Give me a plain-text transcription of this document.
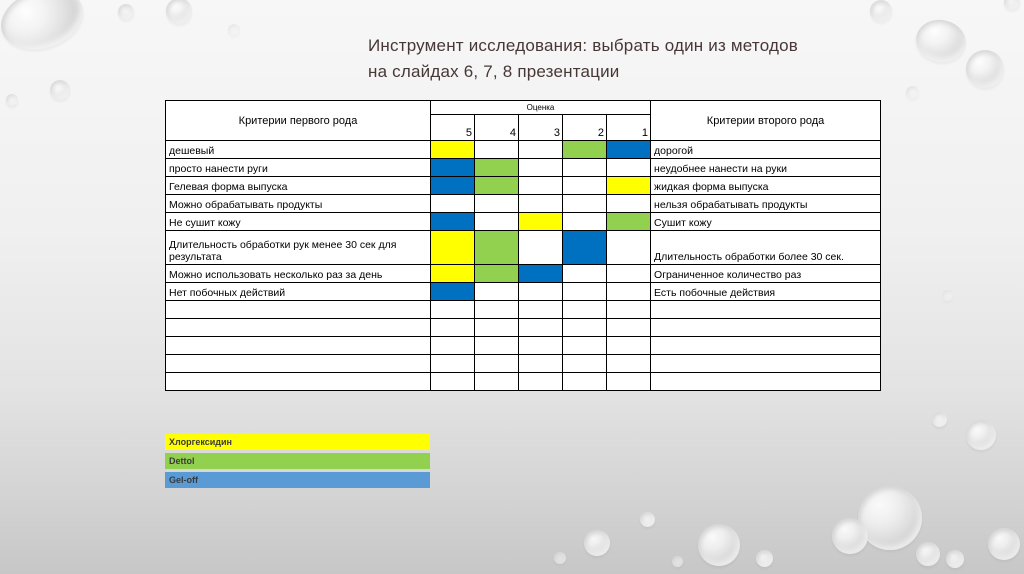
Инструмент исследования: выбрать один из методов
на слайдах 6, 7, 8 презентации
Критерии первого рода	Оценка					Критерии второго рода
	5	4	3	2	1	
дешевый						дорогой
просто нанести руги						неудобнее нанести на руки
Гелевая форма выпуска						жидкая форма выпуска
Можно обрабатывать продукты						нельзя обрабатывать продукты
Не сушит кожу						Сушит кожу
Длительность обработки рук менее 30 сек для результата						Длительность обработки более 30 сек.
Можно использовать несколько раз за день						Ограниченное количество раз
Нет побочных действий						Есть побочные действия

Хлоргексидин
Dettol
Gel-off
